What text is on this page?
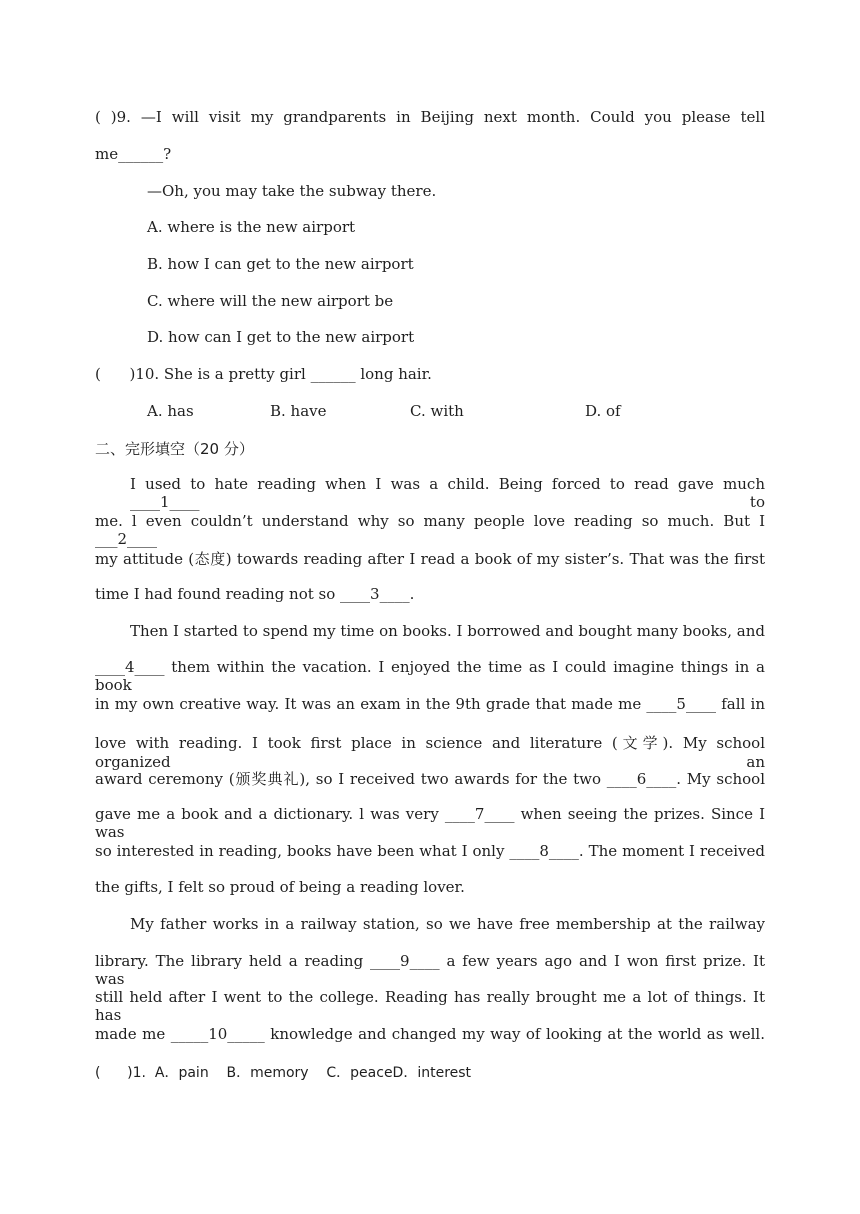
( )9. —I will visit my grandparents in Beijing next month. Could you please tell
me______?
—Oh, you may take the subway there.
A. where is the new airport
B. how I can get to the new airport
C. where will the new airport be
D. how can I get to the new airport
(      )10. She is a pretty girl ______ long hair.
A. has	B. have	C. with	D. of
二、完形填空（20 分）
I used to hate reading when I was a child. Being forced to read gave much ____1____ to
me. l even couldn’t understand why so many people love reading so much. But I ___2____
my attitude (态度) towards reading after I read a book of my sister’s. That was the first
time I had found reading not so ____3____.
Then I started to spend my time on books. I borrowed and bought many books, and
____4____ them within the vacation. I enjoyed the time as I could imagine things in a book
in my own creative way. It was an exam in the 9th grade that made me ____5____ fall in
love with reading. I took first place in science and literature (文学). My school organized an
award ceremony (颁奖典礼), so I received two awards for the two ____6____. My school
gave me a book and a dictionary. l was very ____7____ when seeing the prizes. Since I was
so interested in reading, books have been what I only ____8____. The moment I received
the gifts, I felt so proud of being a reading lover.
My father works in a railway station, so we have free membership at the railway
library. The library held a reading ____9____ a few years ago and I won first prize. It was
still held after I went to the college. Reading has really brought me a lot of things. It has
made me _____10_____ knowledge and changed my way of looking at the world as well.
(      )1.  A．pain    B．memory    C．peaceD．interest
